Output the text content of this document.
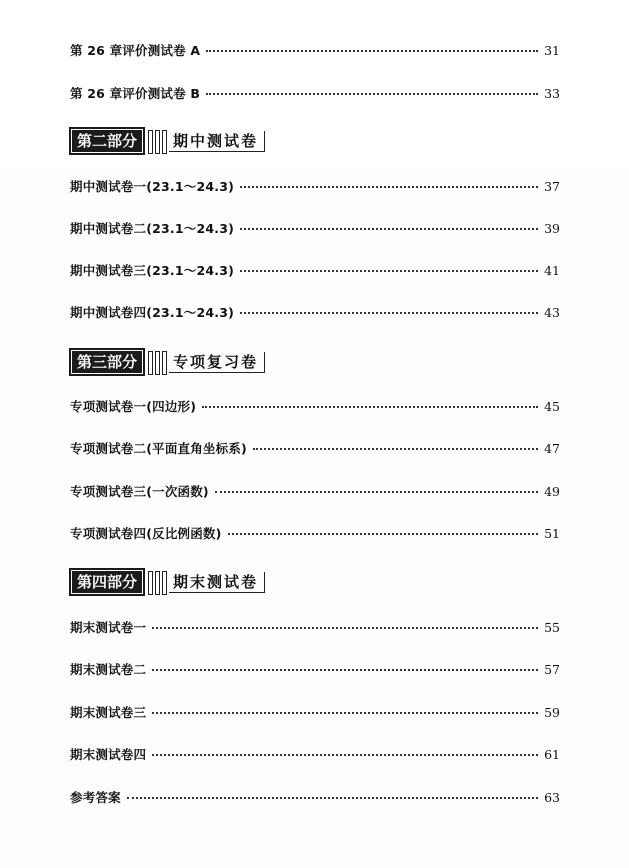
第 26 章评价测试卷 A	31
第 26 章评价测试卷 B	33
第二部分	期中测试卷
期中测试卷一(23.1～24.3)	37
期中测试卷二(23.1～24.3)	39
期中测试卷三(23.1～24.3)	41
期中测试卷四(23.1～24.3)	43
第三部分	专项复习卷
专项测试卷一(四边形)	45
专项测试卷二(平面直角坐标系)	47
专项测试卷三(一次函数)	49
专项测试卷四(反比例函数)	51
第四部分	期末测试卷
期末测试卷一	55
期末测试卷二	57
期末测试卷三	59
期末测试卷四	61
参考答案	63
